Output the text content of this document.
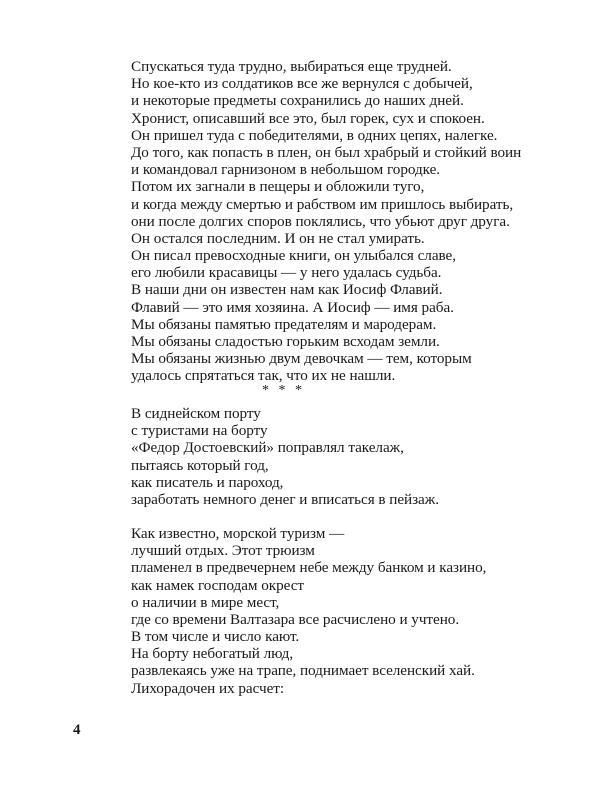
Спускаться туда трудно, выбираться еще трудней.
Но кое-кто из солдатиков все же вернулся с добычей,
и некоторые предметы сохранились до наших дней.
Хронист, описавший все это, был горек, сух и спокоен.
Он пришел туда с победителями, в одних цепях, налегке.
До того, как попасть в плен, он был храбрый и стойкий воин
и командовал гарнизоном в небольшом городке.
Потом их загнали в пещеры и обложили туго,
и когда между смертью и рабством им пришлось выбирать,
они после долгих споров поклялись, что убьют друг друга.
Он остался последним. И он не стал умирать.
Он писал превосходные книги, он улыбался славе,
его любили красавицы — у него удалась судьба.
В наши дни он известен нам как Иосиф Флавий.
Флавий — это имя хозяина. А Иосиф — имя раба.
Мы обязаны памятью предателям и мародерам.
Мы обязаны сладостью горьким всходам земли.
Мы обязаны жизнью двум девочкам — тем, которым
удалось спрятаться так, что их не нашли.
* * *
В сиднейском порту
с туристами на борту
«Федор Достоевский» поправлял такелаж,
пытаясь который год,
как писатель и пароход,
заработать немного денег и вписаться в пейзаж.
Как известно, морской туризм —
лучший отдых. Этот трюизм
пламенел в предвечернем небе между банком и казино,
как намек господам окрест
о наличии в мире мест,
где со времени Валтазара все расчислено и учтено.
В том числе и число кают.
На борту небогатый люд,
развлекаясь уже на трапе, поднимает вселенский хай.
Лихорадочен их расчет:
4
